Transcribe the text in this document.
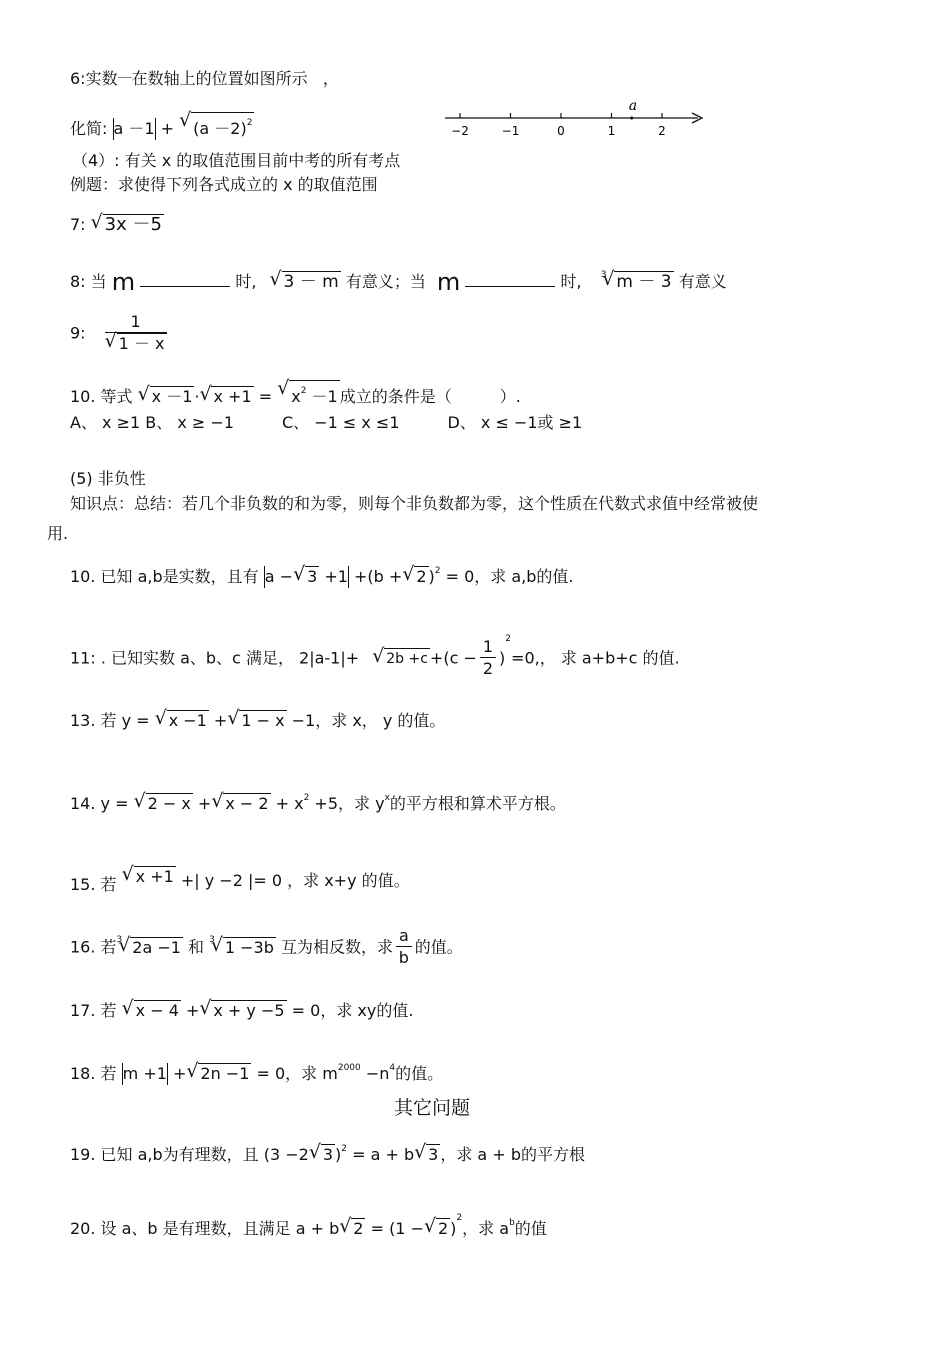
6:实数a 在数轴上的位置如图所示 ，
化简: a －1 + √ $(a -2)^2$
−2	−1	0	1	2
a
（4）: 有关 x 的取值范围目前中考的所有考点
例题：求使得下列各式成立的 x 的取值范围
7: √ 3x －5
8: 当 m	时, √ 3 － m 有意义；当 m	时, $^3$ √ m － 3 有意义
9: 1
√ 1 － x
10. 等式 √ x －1 · √ x +1 = √ $x^2 -1$ 成立的条件是（　　　）.
A、 x ≥1 B、 x ≥ −1　　　C、 −1 ≤ x ≤1　　　D、 x ≤ −1或 ≥1
(5) 非负性
知识点：总结：若几个非负数的和为零，则每个非负数都为零，这个性质在代数式求值中经常被使
用.
10. 已知 a,b是实数，且有 a − √ 3 +1 +(b + √ 2 )$^2$ = 0，求 a,b的值.
11: . 已知实数 a、b、c 满足， 2|a-1|+ √ $2b +c +(c - \frac{1}{2} )^2=0$,， 求 a+b+c 的值.
13. 若 y = √ x −1 + √ 1 − x −1，求 x， y 的值。
14. y = √ 2 − x + √ $x - 2 + x^2 +5$，求 $y^x$的平方根和算术平方根。
15. 若 √ x +1 +| y −2 |= 0 ，求 x+y 的值。
16. 若$^3$ √ 2a −1 和 $^3$ √ 1 −3b 互为相反数，求 $\frac{a}{b}$ 的值。
17. 若 √ x − 4 + √ x + y −5 = 0，求 xy的值.
18. 若 m +1 + √ 2n −1 = 0，求 $m^{2000} -n^4$的值。
其它问题
19. 已知 a,b为有理数，且 (3 −2 √ 3 )$^2$ = a + b √ 3 ，求 a + b的平方根
20. 设 a、b 是有理数，且满足 a + b √ 2 = (1 − √ 2 )$^2$，求 $a^b$的值
